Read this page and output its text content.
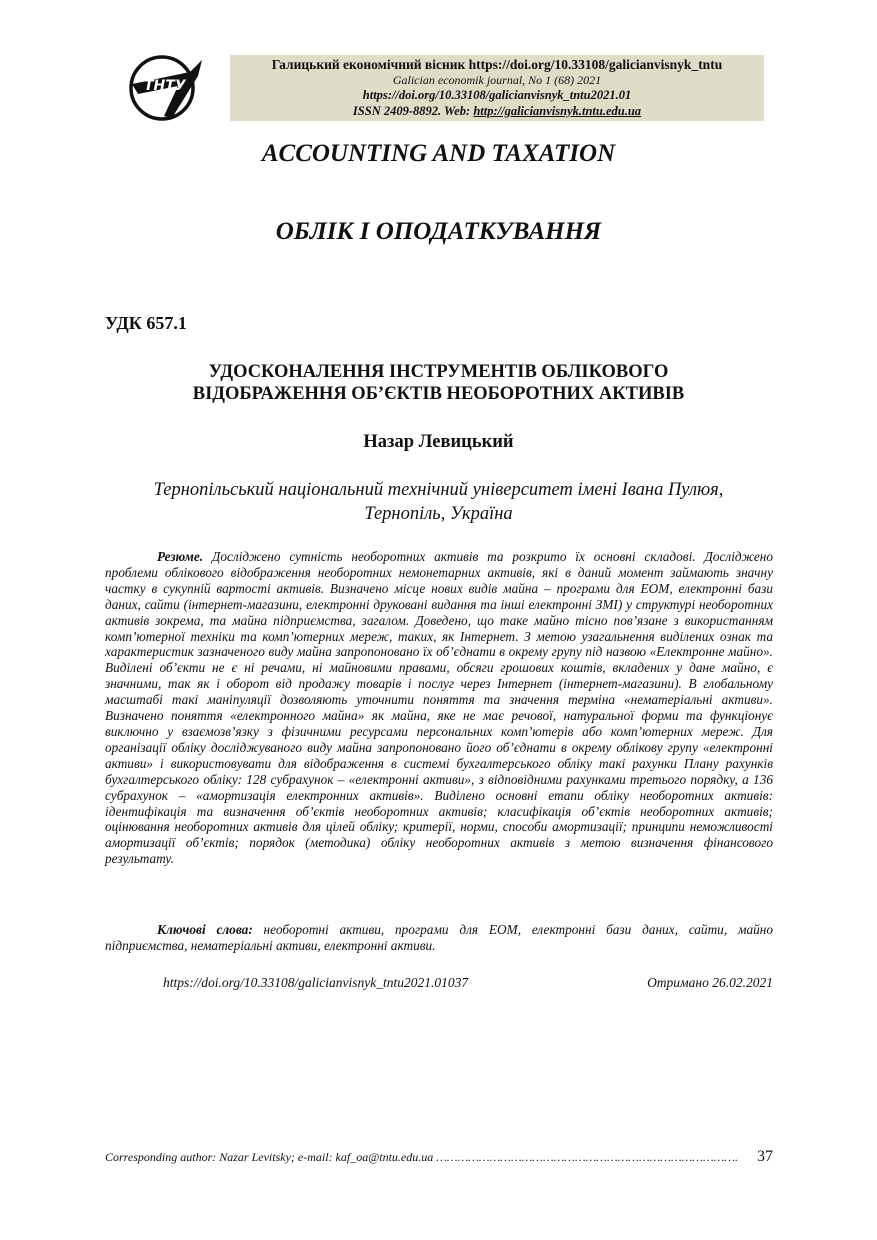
ТНТУ
Галицький економічний вісник https://doi.org/10.33108/galicianvisnyk_tntu
Galician economik journal, No 1 (68) 2021
https://doi.org/10.33108/galicianvisnyk_tntu2021.01
ISSN 2409-8892. Web: http://galicianvisnyk.tntu.edu.ua
ACCOUNTING AND TAXATION
ОБЛІК І ОПОДАТКУВАННЯ
УДК 657.1
УДОСКОНАЛЕННЯ ІНСТРУМЕНТІВ ОБЛІКОВОГО
ВІДОБРАЖЕННЯ ОБ’ЄКТІВ НЕОБОРОТНИХ АКТИВІВ
Назар Левицький
Тернопільський національний технічний університет імені Івана Пулюя,
Тернопіль, Україна

Резюме. Досліджено сутність необоротних активів та розкрито їх основні складові. Досліджено проблеми облікового відображення необоротних немонетарних активів, які в даний момент займають значну частку в сукупній вартості активів. Визначено місце нових видів майна – програми для ЕОМ, електронні бази даних, сайти (інтернет-магазини, електронні друковані видання та інші електронні ЗМІ) у структурі необоротних активів зокрема, та майна підприємства, загалом. Доведено, що таке майно тісно пов’язане з використанням комп’ютерної техніки та комп’ютерних мереж, таких, як Інтернет. З метою узагальнення виділених ознак та характеристик зазначеного виду майна запропоновано їх об’єднати в окрему групу під назвою «Електронне майно». Виділені об’єкти не є ні речами, ні майновими правами, обсяги грошових коштів, вкладених у дане майно, є значними, так як і оборот від продажу товарів і послуг через Інтернет (інтернет-магазини). В глобальному масштабі такі маніпуляції дозволяють уточнити поняття та значення терміна «нематеріальні активи». Визначено поняття «електронного майна» як майна, яке не має речової, натуральної форми та функціонує виключно у взаємозв’язку з фізичними ресурсами персональних комп’ютерів або комп’ютерних мереж. Для організації обліку досліджуваного виду майна запропоновано його об’єднати в окрему облікову групу «електронні активи» і використовувати для відображення в системі бухгалтерського обліку такі рахунки Плану рахунків бухгалтерського обліку: 128 субрахунок – «електронні активи», з відповідними рахунками третього порядку, а 136 субрахунок – «амортизація електронних активів». Виділено основні етапи обліку необоротних активів: ідентифікація та визначення об’єктів необоротних активів; класифікація об’єктів необоротних активів; оцінювання необоротних активів для цілей обліку; критерії, норми, способи амортизації; принципи неможливості амортизації об’єктів; порядок (методика) обліку необоротних активів з метою визначення фінансового результату.

Ключові слова: необоротні активи, програми для ЕОМ, електронні бази даних, сайти, майно підприємства, нематеріальні активи, електронні активи.

https://doi.org/10.33108/galicianvisnyk_tntu2021.01037	Отримано 26.02.2021
Corresponding author: Nazar Levitsky; e-mail: kaf_oa@tntu.edu.ua ………………………………………………………………………….	37
